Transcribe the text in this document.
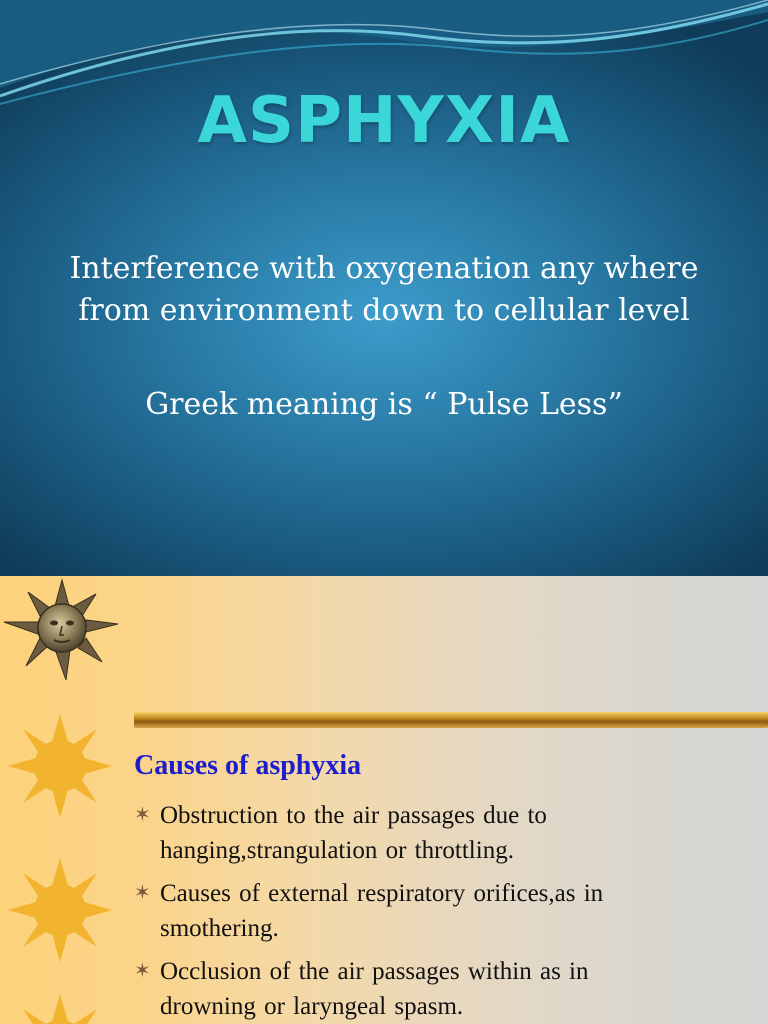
ASPHYXIA
Interference with oxygenation any where
from environment down to cellular level
Greek meaning is “ Pulse Less”
Causes of asphyxia
✶ Obstruction to the air passages due to
hanging,strangulation or throttling.
✶ Causes of external respiratory orifices,as in
smothering.
✶ Occlusion of the air passages within as in
drowning or laryngeal spasm.
